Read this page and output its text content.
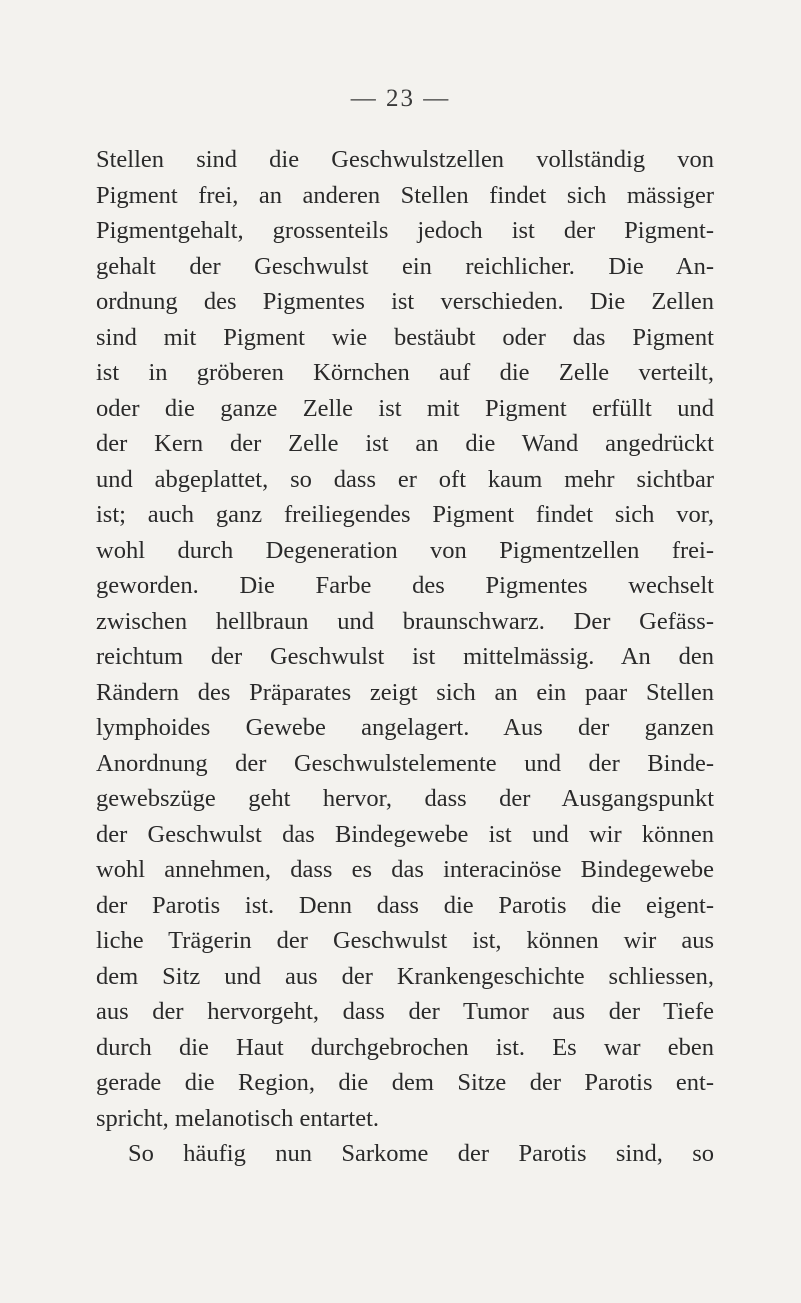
— 23 —
Stellen sind die Geschwulstzellen vollständig von
Pigment frei, an anderen Stellen findet sich mässiger
Pigmentgehalt, grossenteils jedoch ist der Pigment-
gehalt der Geschwulst ein reichlicher. Die An-
ordnung des Pigmentes ist verschieden. Die Zellen
sind mit Pigment wie bestäubt oder das Pigment
ist in gröberen Körnchen auf die Zelle verteilt,
oder die ganze Zelle ist mit Pigment erfüllt und
der Kern der Zelle ist an die Wand angedrückt
und abgeplattet, so dass er oft kaum mehr sichtbar
ist; auch ganz freiliegendes Pigment findet sich vor,
wohl durch Degeneration von Pigmentzellen frei-
geworden. Die Farbe des Pigmentes wechselt
zwischen hellbraun und braunschwarz. Der Gefäss-
reichtum der Geschwulst ist mittelmässig. An den
Rändern des Präparates zeigt sich an ein paar Stellen
lymphoides Gewebe angelagert. Aus der ganzen
Anordnung der Geschwulstelemente und der Binde-
gewebszüge geht hervor, dass der Ausgangspunkt
der Geschwulst das Bindegewebe ist und wir können
wohl annehmen, dass es das interacinöse Bindegewebe
der Parotis ist. Denn dass die Parotis die eigent-
liche Trägerin der Geschwulst ist, können wir aus
dem Sitz und aus der Krankengeschichte schliessen,
aus der hervorgeht, dass der Tumor aus der Tiefe
durch die Haut durchgebrochen ist. Es war eben
gerade die Region, die dem Sitze der Parotis ent-
spricht, melanotisch entartet.
So häufig nun Sarkome der Parotis sind, so
